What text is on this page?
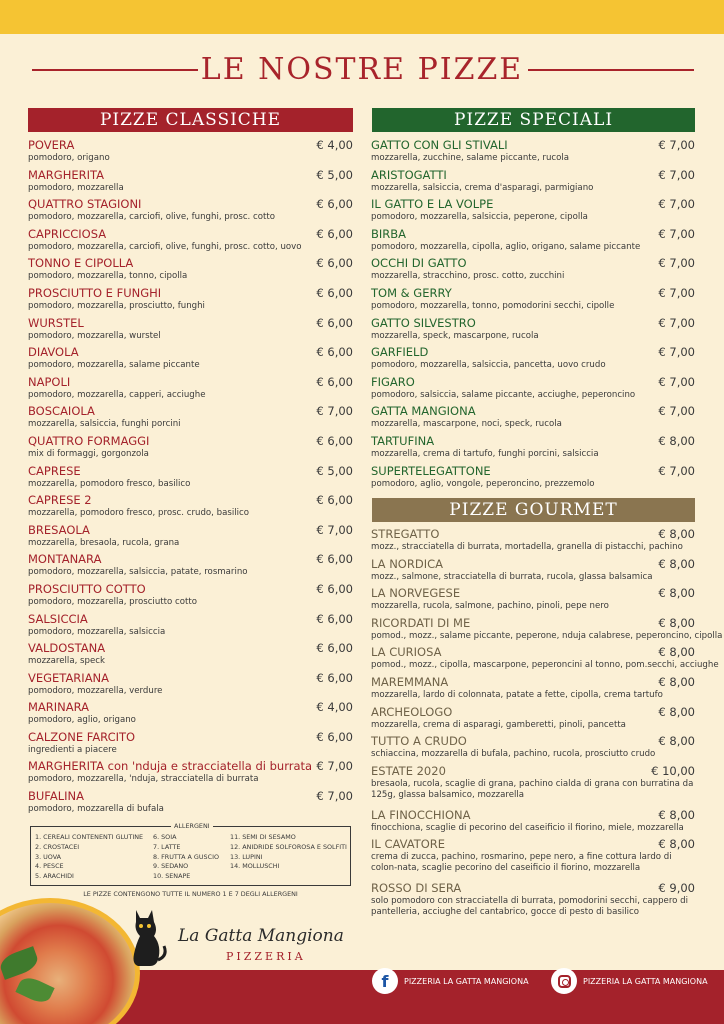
LE NOSTRE PIZZE
PIZZE CLASSICHE	PIZZE SPECIALI
PIZZE GOURMET
POVERA	€ 4,00
pomodoro, origano
MARGHERITA	€ 5,00
pomodoro, mozzarella
QUATTRO STAGIONI	€ 6,00
pomodoro, mozzarella, carciofi, olive, funghi, prosc. cotto
CAPRICCIOSA	€ 6,00
pomodoro, mozzarella, carciofi, olive, funghi, prosc. cotto, uovo
TONNO E CIPOLLA	€ 6,00
pomodoro, mozzarella, tonno, cipolla
PROSCIUTTO E FUNGHI	€ 6,00
pomodoro, mozzarella, prosciutto, funghi
WURSTEL	€ 6,00
pomodoro, mozzarella, wurstel
DIAVOLA	€ 6,00
pomodoro, mozzarella, salame piccante
NAPOLI	€ 6,00
pomodoro, mozzarella, capperi, acciughe
BOSCAIOLA	€ 7,00
mozzarella, salsiccia, funghi porcini
QUATTRO FORMAGGI	€ 6,00
mix di formaggi, gorgonzola
CAPRESE	€ 5,00
mozzarella, pomodoro fresco, basilico
CAPRESE 2	€ 6,00
mozzarella, pomodoro fresco, prosc. crudo, basilico
BRESAOLA	€ 7,00
mozzarella, bresaola, rucola, grana
MONTANARA	€ 6,00
pomodoro, mozzarella, salsiccia, patate, rosmarino
PROSCIUTTO COTTO	€ 6,00
pomodoro, mozzarella, prosciutto cotto
SALSICCIA	€ 6,00
pomodoro, mozzarella, salsiccia
VALDOSTANA	€ 6,00
mozzarella, speck
VEGETARIANA	€ 6,00
pomodoro, mozzarella, verdure
MARINARA	€ 4,00
pomodoro, aglio, origano
CALZONE FARCITO	€ 6,00
ingredienti a piacere
MARGHERITA con 'nduja e stracciatella di burrata € 7,00
pomodoro, mozzarella, 'nduja, stracciatella di burrata
BUFALINA	€ 7,00
pomodoro, mozzarella di bufala
GATTO CON GLI STIVALI	€ 7,00
mozzarella, zucchine, salame piccante, rucola
ARISTOGATTI	€ 7,00
mozzarella, salsiccia, crema d'asparagi, parmigiano
IL GATTO E LA VOLPE	€ 7,00
pomodoro, mozzarella, salsiccia, peperone, cipolla
BIRBA	€ 7,00
pomodoro, mozzarella, cipolla, aglio, origano, salame piccante
OCCHI DI GATTO	€ 7,00
mozzarella, stracchino, prosc. cotto, zucchini
TOM & GERRY	€ 7,00
pomodoro, mozzarella, tonno, pomodorini secchi, cipolle
GATTO SILVESTRO	€ 7,00
mozzarella, speck, mascarpone, rucola
GARFIELD	€ 7,00
pomodoro, mozzarella, salsiccia, pancetta, uovo crudo
FIGARO	€ 7,00
pomodoro, salsiccia, salame piccante, acciughe, peperoncino
GATTA MANGIONA	€ 7,00
mozzarella, mascarpone, noci, speck, rucola
TARTUFINA	€ 8,00
mozzarella, crema di tartufo, funghi porcini, salsiccia
SUPERTELEGATTONE	€ 7,00
pomodoro, aglio, vongole, peperoncino, prezzemolo
STREGATTO	€ 8,00
mozz., stracciatella di burrata, mortadella, granella di pistacchi, pachino
LA NORDICA	€ 8,00
mozz., salmone, stracciatella di burrata, rucola, glassa balsamica
LA NORVEGESE	€ 8,00
mozzarella, rucola, salmone, pachino, pinoli, pepe nero
RICORDATI DI ME	€ 8,00
pomod., mozz., salame piccante, peperone, nduja calabrese, peperoncino, cipolla
LA CURIOSA	€ 8,00
pomod., mozz., cipolla, mascarpone, peperoncini al tonno, pom.secchi, acciughe
MAREMMANA	€ 8,00
mozzarella, lardo di colonnata, patate a fette, cipolla, crema tartufo
ARCHEOLOGO	€ 8,00
mozzarella, crema di asparagi, gamberetti, pinoli, pancetta
TUTTO A CRUDO	€ 8,00
schiaccina, mozzarella di bufala, pachino, rucola, prosciutto crudo
ESTATE 2020	€ 10,00
bresaola, rucola, scaglie di grana, pachino cialda di grana con burratina da 125g, glassa balsamico, mozzarella
LA FINOCCHIONA	€ 8,00
finocchiona, scaglie di pecorino del caseificio il fiorino, miele, mozzarella
IL CAVATORE	€ 8,00
crema di zucca, pachino, rosmarino, pepe nero, a fine cottura lardo di colon-nata, scaglie pecorino del caseificio il fiorino, mozzarella
ROSSO DI SERA	€ 9,00
solo pomodoro con stracciatella di burrata, pomodorini secchi, cappero di pantelleria, acciughe del cantabrico, gocce di pesto di basilico
ALLERGENI
1. CEREALI CONTENENTI GLUTINE
2. CROSTACEI
3. UOVA
4. PESCE
5. ARACHIDI
6. SOIA
7. LATTE
8. FRUTTA A GUSCIO
9. SEDANO
10. SENAPE
11. SEMI DI SESAMO
12. ANIDRIDE SOLFOROSA E SOLFITI
13. LUPINI
14. MOLLUSCHI
LE PIZZE CONTENGONO TUTTE IL NUMERO 1 E 7 DEGLI ALLERGENI
La Gatta Mangiona
PIZZERIA
f	PIZZERIA LA GATTA MANGIONA	PIZZERIA LA GATTA MANGIONA
